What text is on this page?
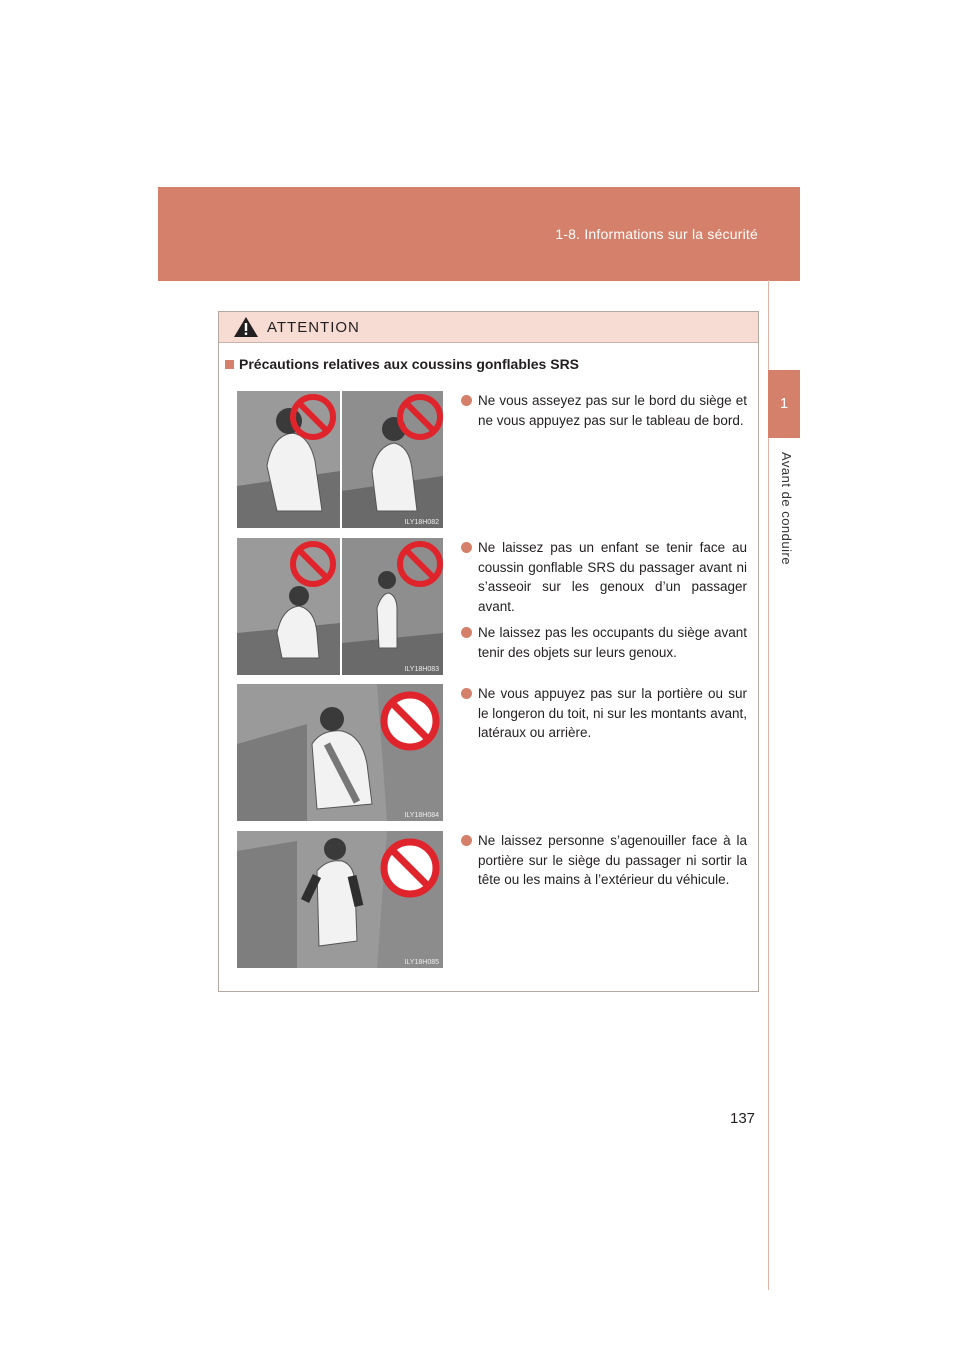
1-8. Informations sur la sécurité
1
Avant de conduire
ATTENTION
Précautions relatives aux coussins gonflables SRS
ILY18H082
Ne vous asseyez pas sur le bord du siège et ne vous appuyez pas sur le tableau de bord.
ILY18H083
Ne laissez pas un enfant se tenir face au coussin gonflable SRS du passager avant ni s’asseoir sur les genoux d’un passager avant.
Ne laissez pas les occupants du siège avant tenir des objets sur leurs genoux.
ILY18H084
Ne vous appuyez pas sur la portière ou sur le longeron du toit, ni sur les montants avant, latéraux ou arrière.
ILY18H085
Ne laissez personne s’agenouiller face à la portière sur le siège du passager ni sortir la tête ou les mains à l’extérieur du véhicule.
137
